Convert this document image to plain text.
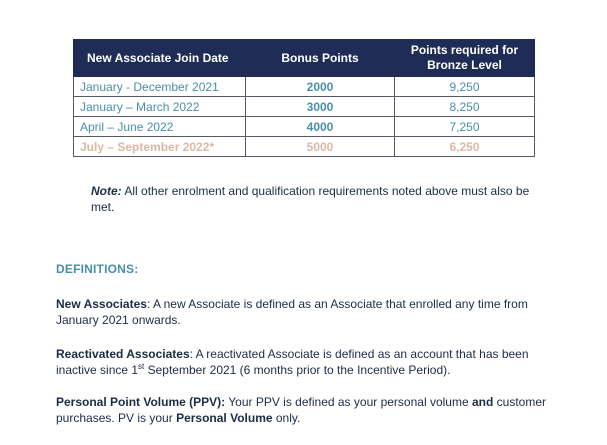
New Associate Join Date	Bonus Points	Points required for
Bronze Level
January - December 2021	2000	9,250
January – March 2022	3000	8,250
April – June 2022	4000	7,250
July – September 2022*	5000	6,250
Note: All other enrolment and qualification requirements noted above must also be met.
DEFINITIONS:
New Associates: A new Associate is defined as an Associate that enrolled any time from January 2021 onwards.
Reactivated Associates: A reactivated Associate is defined as an account that has been inactive since 1st September 2021 (6 months prior to the Incentive Period).
Personal Point Volume (PPV): Your PPV is defined as your personal volume and customer purchases. PV is your Personal Volume only.
